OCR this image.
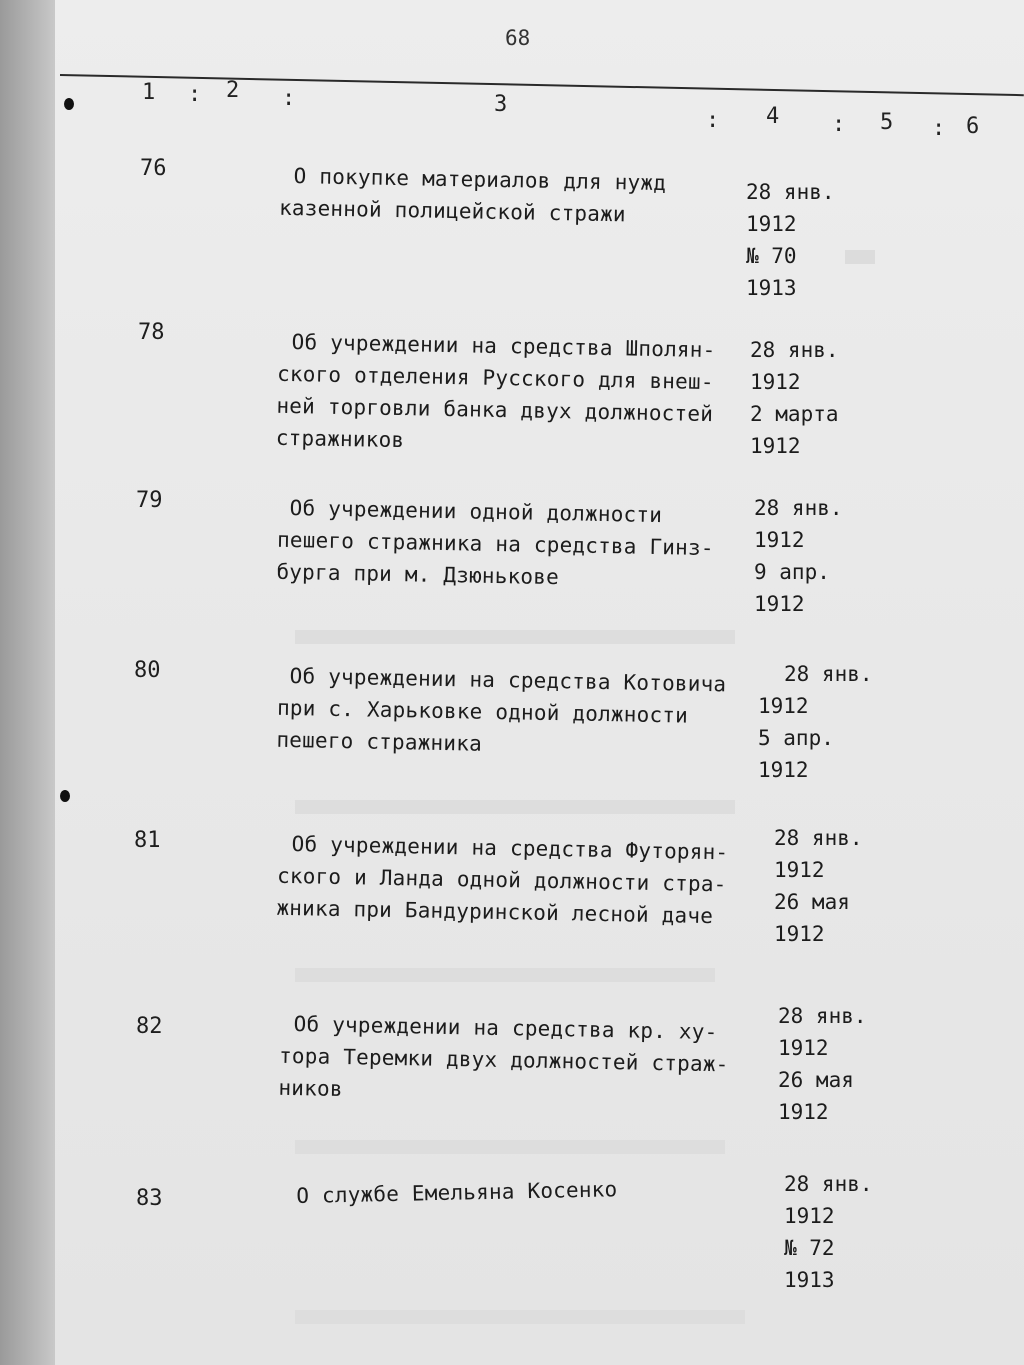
68
1 : 2 :	3
: 4 : 5 : 6
76	О покупке материалов для нужд
казенной полицейской стражи
28 янв.
1912
№ 70
1913
78	Об учреждении на средства Шполян-
ского отделения Русского для внеш-
ней торговли банка двух должностей
стражников
28 янв.
1912
2 марта
1912
79	Об учреждении одной должности
пешего стражника на средства Гинз-
бурга при м. Дзюнькове
28 янв.
1912
9 апр.
1912
80	Об учреждении на средства Котовича
при с. Харьковке одной должности
пешего стражника
28 янв.
1912
5 апр.
1912
81	Об учреждении на средства Футорян-
ского и Ланда одной должности стра-
жника при Бандуринской лесной даче
28 янв.
1912
26 мая
1912
82	Об учреждении на средства кр. ху-
тора Теремки двух должностей страж-
ников
28 янв.
1912
26 мая
1912
83	О службе Емельяна Косенко	28 янв.
1912
№ 72
1913
